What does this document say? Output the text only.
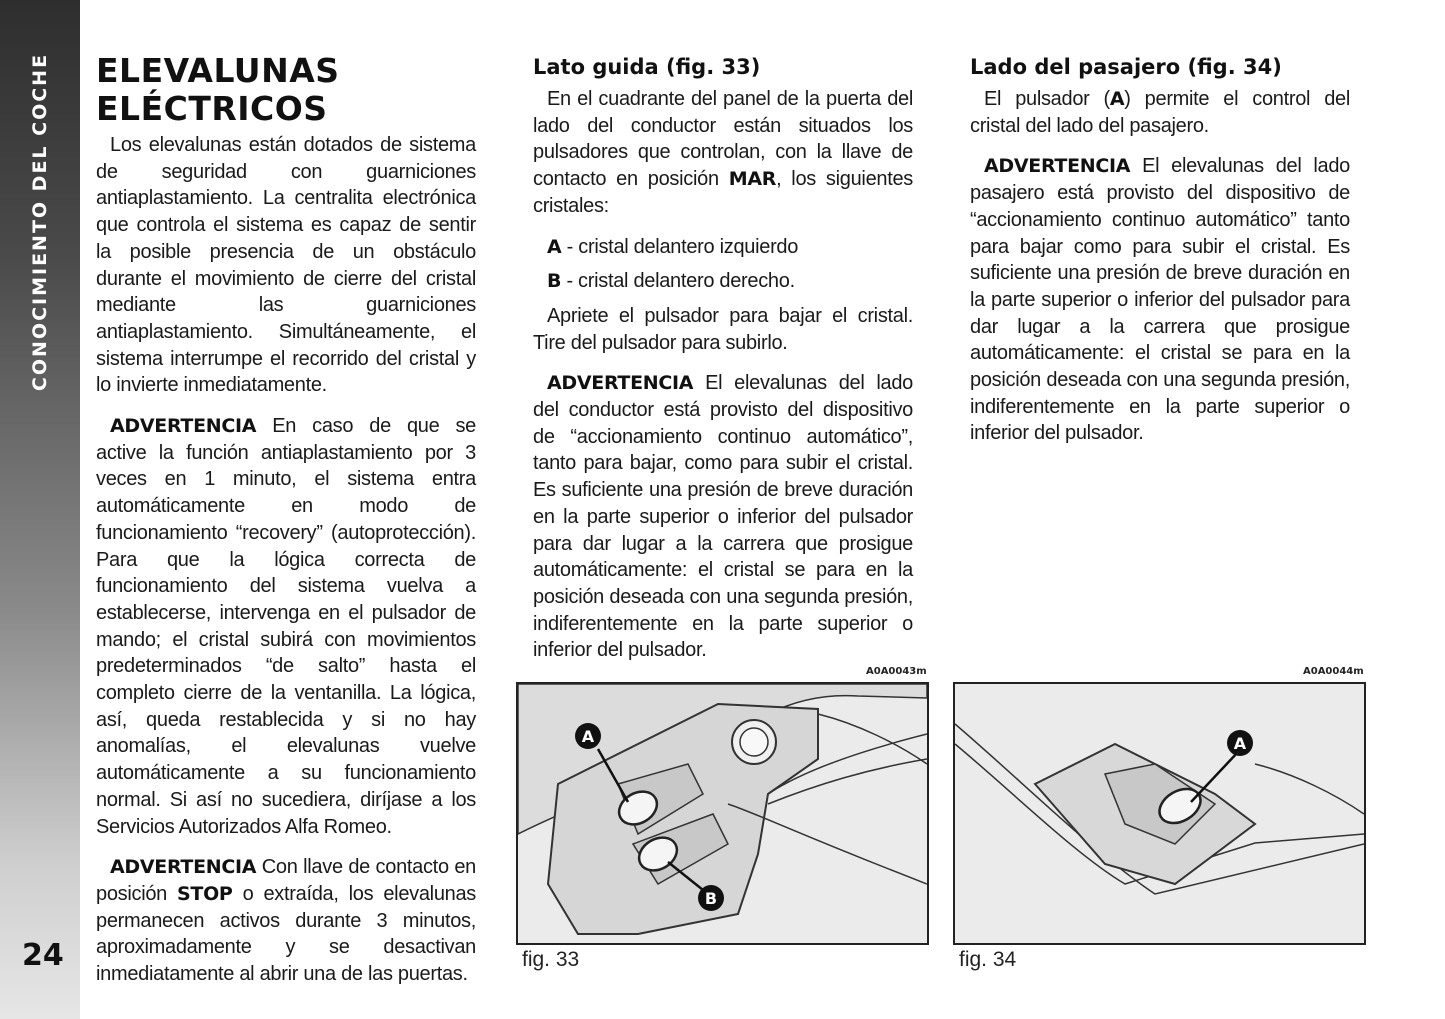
CONOCIMIENTO DEL COCHE
24
ELEVALUNAS
ELÉCTRICOS

Los elevalunas están dotados de sistema de seguridad con guarniciones antiaplastamiento. La centralita electrónica que controla el sistema es capaz de sentir la posible presencia de un obstáculo durante el movimiento de cierre del cristal mediante las guarniciones antiaplastamiento. Simultáneamente, el sistema interrumpe el recorrido del cristal y lo invierte inmediatamente.

ADVERTENCIA En caso de que se active la función antiaplastamiento por 3 veces en 1 minuto, el sistema entra automáticamente en modo de funcionamiento “recovery” (autoprotección). Para que la lógica correcta de funcionamiento del sistema vuelva a establecerse, intervenga en el pulsador de mando; el cristal subirá con movimientos predeterminados “de salto” hasta el completo cierre de la ventanilla. La lógica, así, queda restablecida y si no hay anomalías, el elevalunas vuelve automáticamente a su funcionamiento normal. Si así no sucediera, diríjase a los Servicios Autorizados Alfa Romeo.

ADVERTENCIA Con llave de contacto en posición STOP o extraída, los elevalunas permanecen activos durante 3 minutos, aproximadamente y se desactivan inmediatamente al abrir una de las puertas.

Lato guida (fig. 33)

En el cuadrante del panel de la puerta del lado del conductor están situados los pulsadores que controlan, con la llave de contacto en posición MAR, los siguientes cristales:

A - cristal delantero izquierdo

B - cristal delantero derecho.

Apriete el pulsador para bajar el cristal. Tire del pulsador para subirlo.

ADVERTENCIA El elevalunas del lado del conductor está provisto del dispositivo de “accionamiento continuo automático”, tanto para bajar, como para subir el cristal. Es suficiente una presión de breve duración en la parte superior o inferior del pulsador para dar lugar a la carrera que prosigue automáticamente: el cristal se para en la posición deseada con una segunda presión, indiferentemente en la parte superior o inferior del pulsador.

Lado del pasajero (fig. 34)

El pulsador (A) permite el control del cristal del lado del pasajero.

ADVERTENCIA El elevalunas del lado pasajero está provisto del dispositivo de “accionamiento continuo automático” tanto para bajar como para subir el cristal. Es suficiente una presión de breve duración en la parte superior o inferior del pulsador para dar lugar a la carrera que prosigue automáticamente: el cristal se para en la posición deseada con una segunda presión, indiferentemente en la parte superior o inferior del pulsador.

A0A0043m
A
B
fig. 33
A0A0044m
A
fig. 34
